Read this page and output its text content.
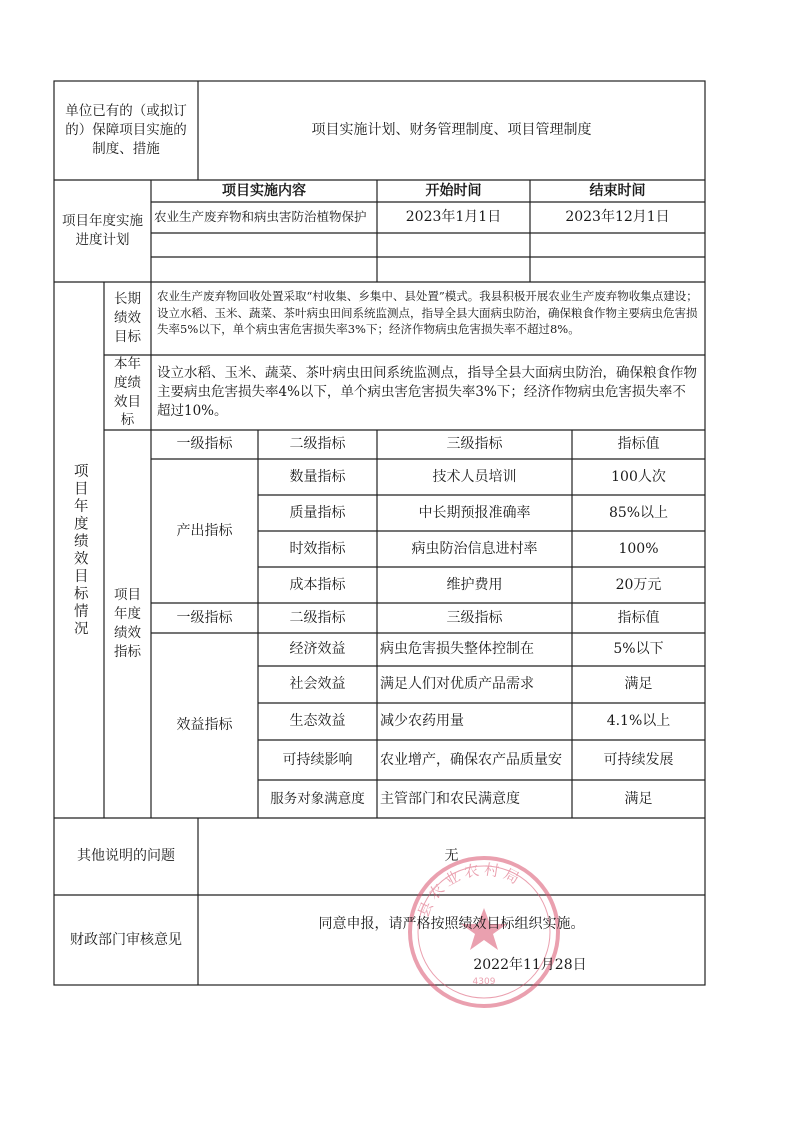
县农业农村局
4309
单位已有的（或拟订的）保障项目实施的制度、措施
项目实施计划、财务管理制度、项目管理制度
项目年度实施进度计划
项目实施内容	开始时间	结束时间
农业生产废弃物和病虫害防治植物保护	2023年1月1日	2023年12月1日
项目年度绩效目标情况
长期绩效目标
农业生产废弃物回收处置采取“村收集、乡集中、县处置”模式。我县积极开展农业生产废弃物收集点建设；设立水稻、玉米、蔬菜、茶叶病虫田间系统监测点，指导全县大面病虫防治，确保粮食作物主要病虫危害损失率5%以下，单个病虫害危害损失率3%下；经济作物病虫危害损失率不超过8%。
本年度绩效目标
设立水稻、玉米、蔬菜、茶叶病虫田间系统监测点，指导全县大面病虫防治，确保粮食作物主要病虫危害损失率4%以下，单个病虫害危害损失率3%下；经济作物病虫危害损失率不超过10%。
项目年度绩效指标
一级指标	二级指标	三级指标	指标值
产出指标
数量指标	技术人员培训	100人次
质量指标	中长期预报准确率	85%以上
时效指标	病虫防治信息进村率	100%
成本指标	维护费用	20万元
一级指标	二级指标	三级指标	指标值
效益指标
经济效益	病虫危害损失整体控制在	5%以下
社会效益	满足人们对优质产品需求	满足
生态效益	减少农药用量	4.1%以上
可持续影响	农业增产，确保农产品质量安	可持续发展
服务对象满意度	主管部门和农民满意度	满足
其他说明的问题	无
财政部门审核意见
同意申报，请严格按照绩效目标组织实施。
2022年11月28日
